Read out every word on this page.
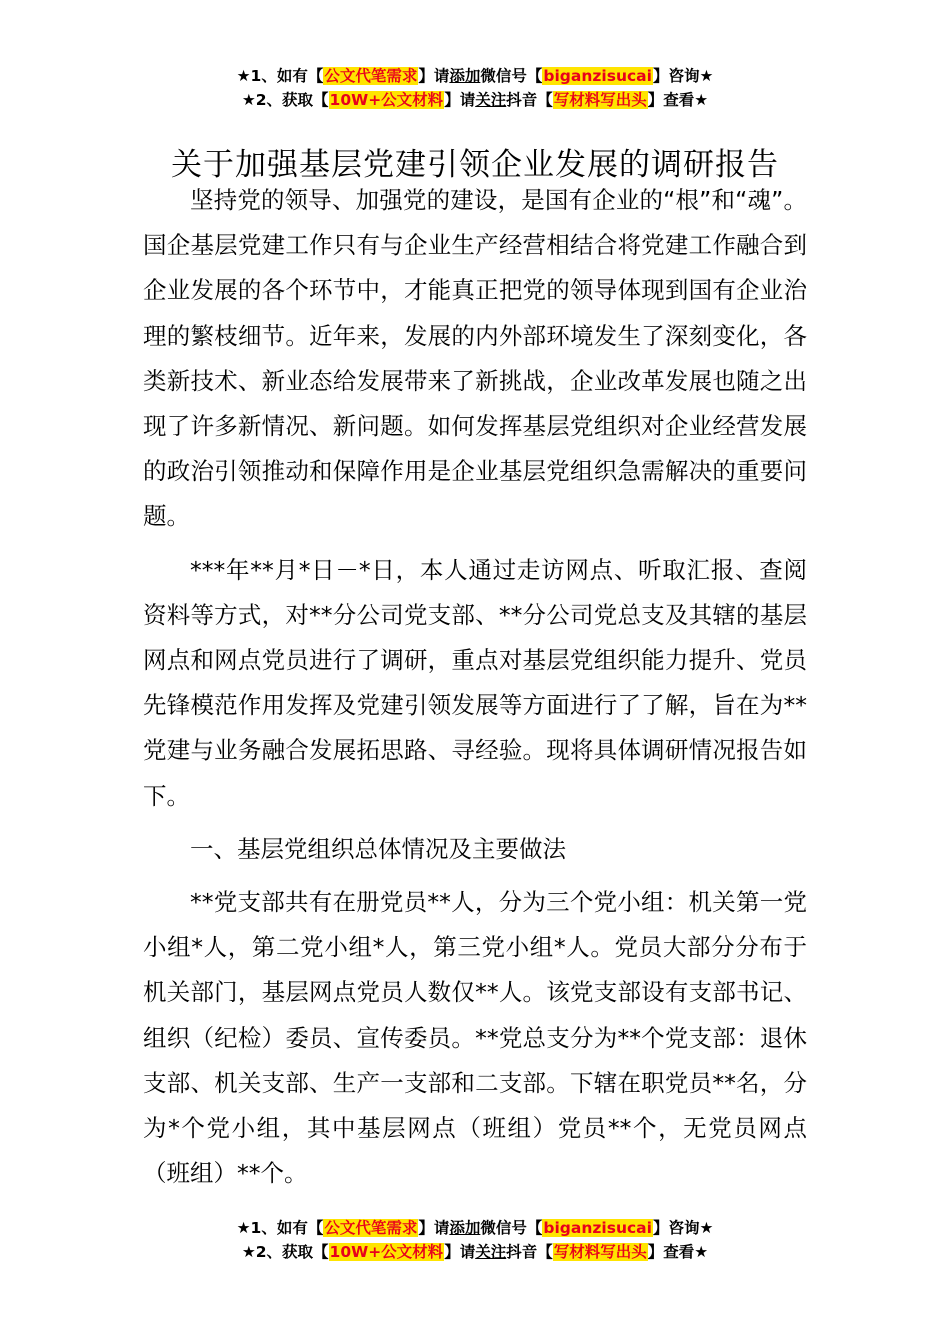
★1、如有【公文代笔需求】请添加微信号【biganzisucai】咨询★
★2、获取【10W+公文材料】请关注抖音【写材料写出头】查看★
关于加强基层党建引领企业发展的调研报告

坚持党的领导、加强党的建设，是国有企业的“根”和“魂”。国企基层党建工作只有与企业生产经营相结合将党建工作融合到企业发展的各个环节中，才能真正把党的领导体现到国有企业治理的繁枝细节。近年来，发展的内外部环境发生了深刻变化，各类新技术、新业态给发展带来了新挑战，企业改革发展也随之出现了许多新情况、新问题。如何发挥基层党组织对企业经营发展的政治引领推动和保障作用是企业基层党组织急需解决的重要问题。

***年**月*日－*日，本人通过走访网点、听取汇报、查阅资料等方式，对**分公司党支部、**分公司党总支及其辖的基层网点和网点党员进行了调研，重点对基层党组织能力提升、党员先锋模范作用发挥及党建引领发展等方面进行了了解，旨在为**党建与业务融合发展拓思路、寻经验。现将具体调研情况报告如下。

一、基层党组织总体情况及主要做法

**党支部共有在册党员**人，分为三个党小组：机关第一党小组*人，第二党小组*人，第三党小组*人。党员大部分分布于机关部门，基层网点党员人数仅**人。该党支部设有支部书记、组织（纪检）委员、宣传委员。**党总支分为**个党支部：退休支部、机关支部、生产一支部和二支部。下辖在职党员**名，分为*个党小组，其中基层网点（班组）党员**个，无党员网点（班组）**个。

★1、如有【公文代笔需求】请添加微信号【biganzisucai】咨询★
★2、获取【10W+公文材料】请关注抖音【写材料写出头】查看★
